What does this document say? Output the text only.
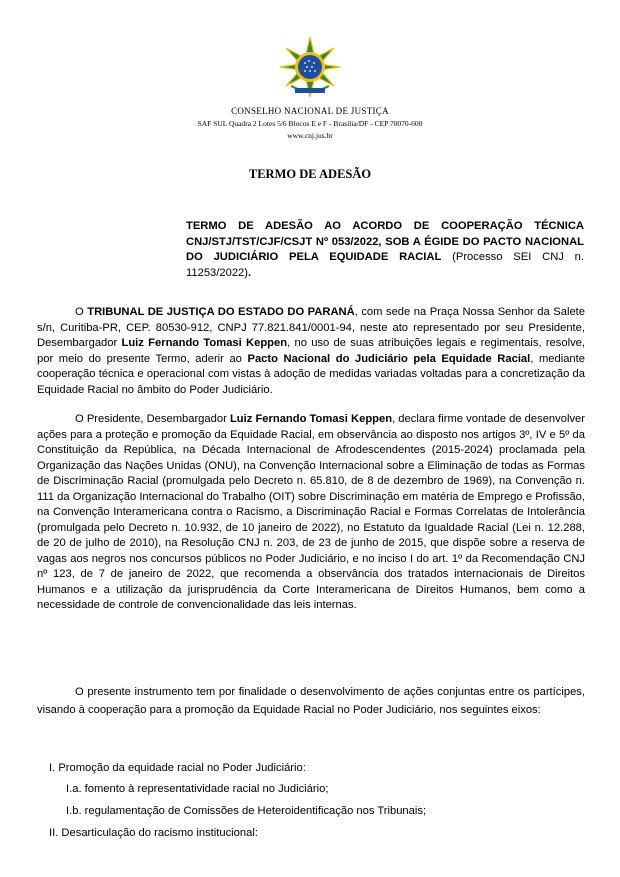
CONSELHO NACIONAL DE JUSTIÇA
SAF SUL Quadra 2 Lotes 5/6 Blocos E e F - Brasília/DF - CEP 70070-600
www.cnj.jus.br
TERMO DE ADESÃO
TERMO DE ADESÃO AO ACORDO DE COOPERAÇÃO TÉCNICA CNJ/STJ/TST/CJF/CSJT Nº 053/2022, SOB A ÉGIDE DO PACTO NACIONAL DO JUDICIÁRIO PELA EQUIDADE RACIAL (Processo SEI CNJ n. 11253/2022).
O TRIBUNAL DE JUSTIÇA DO ESTADO DO PARANÁ, com sede na Praça Nossa Senhor da Salete s/n, Curitiba-PR, CEP. 80530-912, CNPJ 77.821.841/0001-94, neste ato representado por seu Presidente, Desembargador Luiz Fernando Tomasi Keppen, no uso de suas atribuições legais e regimentais, resolve, por meio do presente Termo, aderir ao Pacto Nacional do Judiciário pela Equidade Racial, mediante cooperação técnica e operacional com vistas à adoção de medidas variadas voltadas para a concretização da Equidade Racial no âmbito do Poder Judiciário.
O Presidente, Desembargador Luiz Fernando Tomasi Keppen, declara firme vontade de desenvolver ações para a proteção e promoção da Equidade Racial, em observância ao disposto nos artigos 3º, IV e 5º da Constituição da República, na Década Internacional de Afrodescendentes (2015-2024) proclamada pela Organização das Nações Unidas (ONU), na Convenção Internacional sobre a Eliminação de todas as Formas de Discriminação Racial (promulgada pelo Decreto n. 65.810, de 8 de dezembro de 1969), na Convenção n. 111 da Organização Internacional do Trabalho (OIT) sobre Discriminação em matéria de Emprego e Profissão, na Convenção Interamericana contra o Racismo, a Discriminação Racial e Formas Correlatas de Intolerância (promulgada pelo Decreto n. 10.932, de 10 janeiro de 2022), no Estatuto da Igualdade Racial (Lei n. 12.288, de 20 de julho de 2010), na Resolução CNJ n. 203, de 23 de junho de 2015, que dispõe sobre a reserva de vagas aos negros nos concursos públicos no Poder Judiciário, e no inciso I do art. 1º da Recomendação CNJ nº 123, de 7 de janeiro de 2022, que recomenda a observância dos tratados internacionais de Direitos Humanos e a utilização da jurisprudência da Corte Interamericana de Direitos Humanos, bem como a necessidade de controle de convencionalidade das leis internas.
O presente instrumento tem por finalidade o desenvolvimento de ações conjuntas entre os partícipes, visando à cooperação para a promoção da Equidade Racial no Poder Judiciário, nos seguintes eixos:
I. Promoção da equidade racial no Poder Judiciário:
I.a. fomento à representatividade racial no Judiciário;
I.b. regulamentação de Comissões de Heteroidentificação nos Tribunais;
II. Desarticulação do racismo institucional:
